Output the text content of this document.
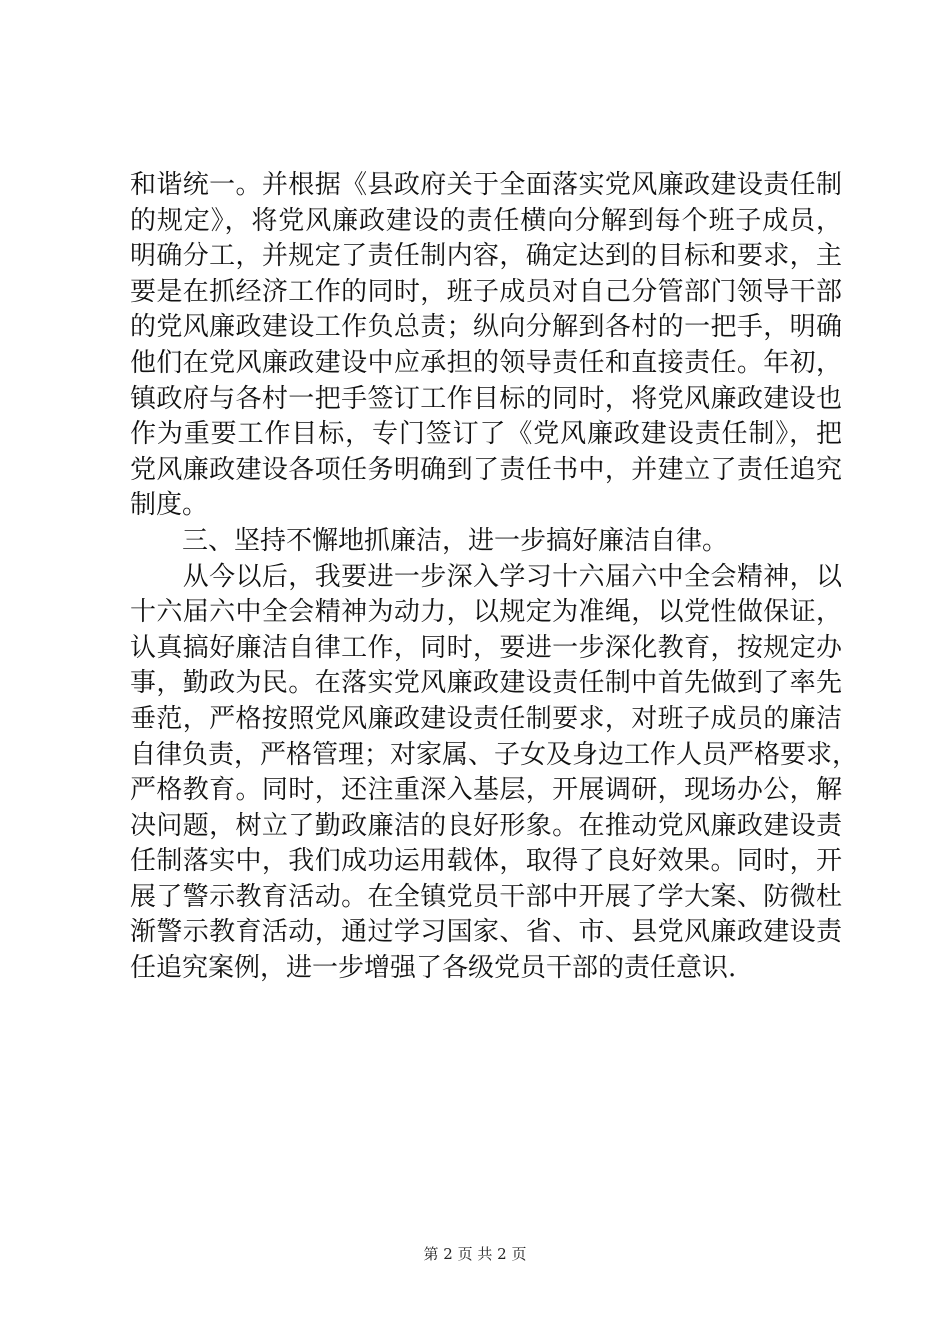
和谐统一。并根据《县政府关于全面落实党风廉政建设责任制
的规定》，将党风廉政建设的责任横向分解到每个班子成员，
明确分工，并规定了责任制内容，确定达到的目标和要求，主
要是在抓经济工作的同时，班子成员对自己分管部门领导干部
的党风廉政建设工作负总责；纵向分解到各村的一把手，明确
他们在党风廉政建设中应承担的领导责任和直接责任。年初，
镇政府与各村一把手签订工作目标的同时，将党风廉政建设也
作为重要工作目标，专门签订了《党风廉政建设责任制》，把
党风廉政建设各项任务明确到了责任书中，并建立了责任追究
制度。
　　三、坚持不懈地抓廉洁，进一步搞好廉洁自律。
　　从今以后，我要进一步深入学习十六届六中全会精神，以
十六届六中全会精神为动力，以规定为准绳，以党性做保证，
认真搞好廉洁自律工作，同时，要进一步深化教育，按规定办
事，勤政为民。在落实党风廉政建设责任制中首先做到了率先
垂范，严格按照党风廉政建设责任制要求，对班子成员的廉洁
自律负责，严格管理；对家属、子女及身边工作人员严格要求，
严格教育。同时，还注重深入基层，开展调研，现场办公，解
决问题，树立了勤政廉洁的良好形象。在推动党风廉政建设责
任制落实中，我们成功运用载体，取得了良好效果。同时，开
展了警示教育活动。在全镇党员干部中开展了学大案、防微杜
渐警示教育活动，通过学习国家、省、市、县党风廉政建设责
任追究案例，进一步增强了各级党员干部的责任意识.
第 2 页 共 2 页
